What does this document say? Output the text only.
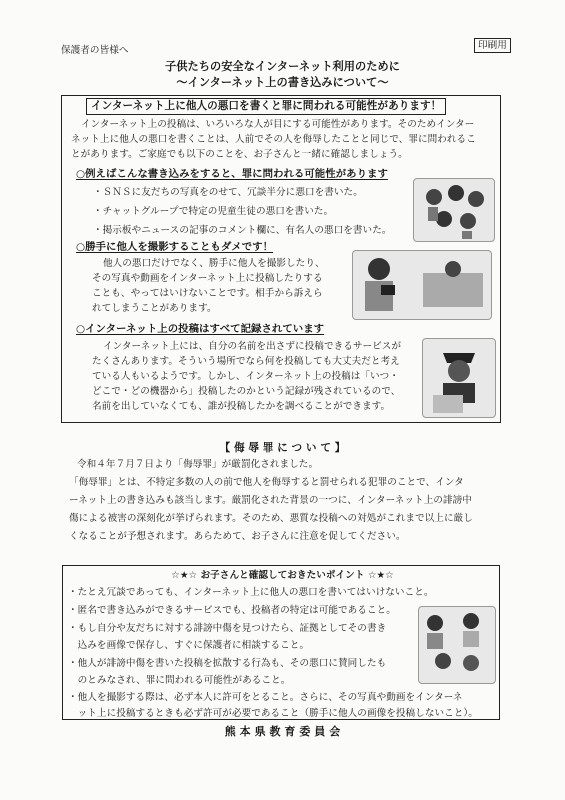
保護者の皆様へ	印刷用
子供たちの安全なインターネット利用のために
〜インターネット上の書き込みについて〜
インターネット上に他人の悪口を書くと罪に問われる可能性があります！
インターネット上の投稿は、いろいろな人が目にする可能性があります。そのためインター
ネット上に他人の悪口を書くことは、人前でその人を侮辱したことと同じで、罪に問われるこ
とがあります。ご家庭でも以下のことを、お子さんと一緒に確認しましょう。
○例えばこんな書き込みをすると、罪に問われる可能性があります
・ＳＮＳに友だちの写真をのせて、冗談半分に悪口を書いた。
・チャットグループで特定の児童生徒の悪口を書いた。
・掲示板やニュースの記事のコメント欄に、有名人の悪口を書いた。
○勝手に他人を撮影することもダメです！
他人の悪口だけでなく、勝手に他人を撮影したり、
その写真や動画をインターネット上に投稿したりする
ことも、やってはいけないことです。相手から訴えら
れてしまうことがあります。
○インターネット上の投稿はすべて記録されています
インターネット上には、自分の名前を出さずに投稿できるサービスが
たくさんあります。そういう場所でなら何を投稿しても大丈夫だと考え
ている人もいるようです。しかし、インターネット上の投稿は「いつ・
どこで・どの機器から」投稿したのかという記録が残されているので、
名前を出していなくても、誰が投稿したかを調べることができます。
【 侮 辱 罪 に つ い て 】
令和４年７月７日より「侮辱罪」が厳罰化されました。
「侮辱罪」とは、不特定多数の人の前で他人を侮辱すると罰せられる犯罪のことで、インタ
ーネット上の書き込みも該当します。厳罰化された背景の一つに、インターネット上の誹謗中
傷による被害の深刻化が挙げられます。そのため、悪質な投稿への対処がこれまで以上に厳し
くなることが予想されます。あらためて、お子さんに注意を促してください。
☆★☆ お子さんと確認しておきたいポイント ☆★☆
・たとえ冗談であっても、インターネット上に他人の悪口を書いてはいけないこと。
・匿名で書き込みができるサービスでも、投稿者の特定は可能であること。
・もし自分や友だちに対する誹謗中傷を見つけたら、証拠としてその書き
　込みを画像で保存し、すぐに保護者に相談すること。
・他人が誹謗中傷を書いた投稿を拡散する行為も、その悪口に賛同したも
　のとみなされ、罪に問われる可能性があること。
・他人を撮影する際は、必ず本人に許可をとること。さらに、その写真や動画をインターネ
　ット上に投稿するときも必ず許可が必要であること（勝手に他人の画像を投稿しないこと）。
熊 本 県 教 育 委 員 会
